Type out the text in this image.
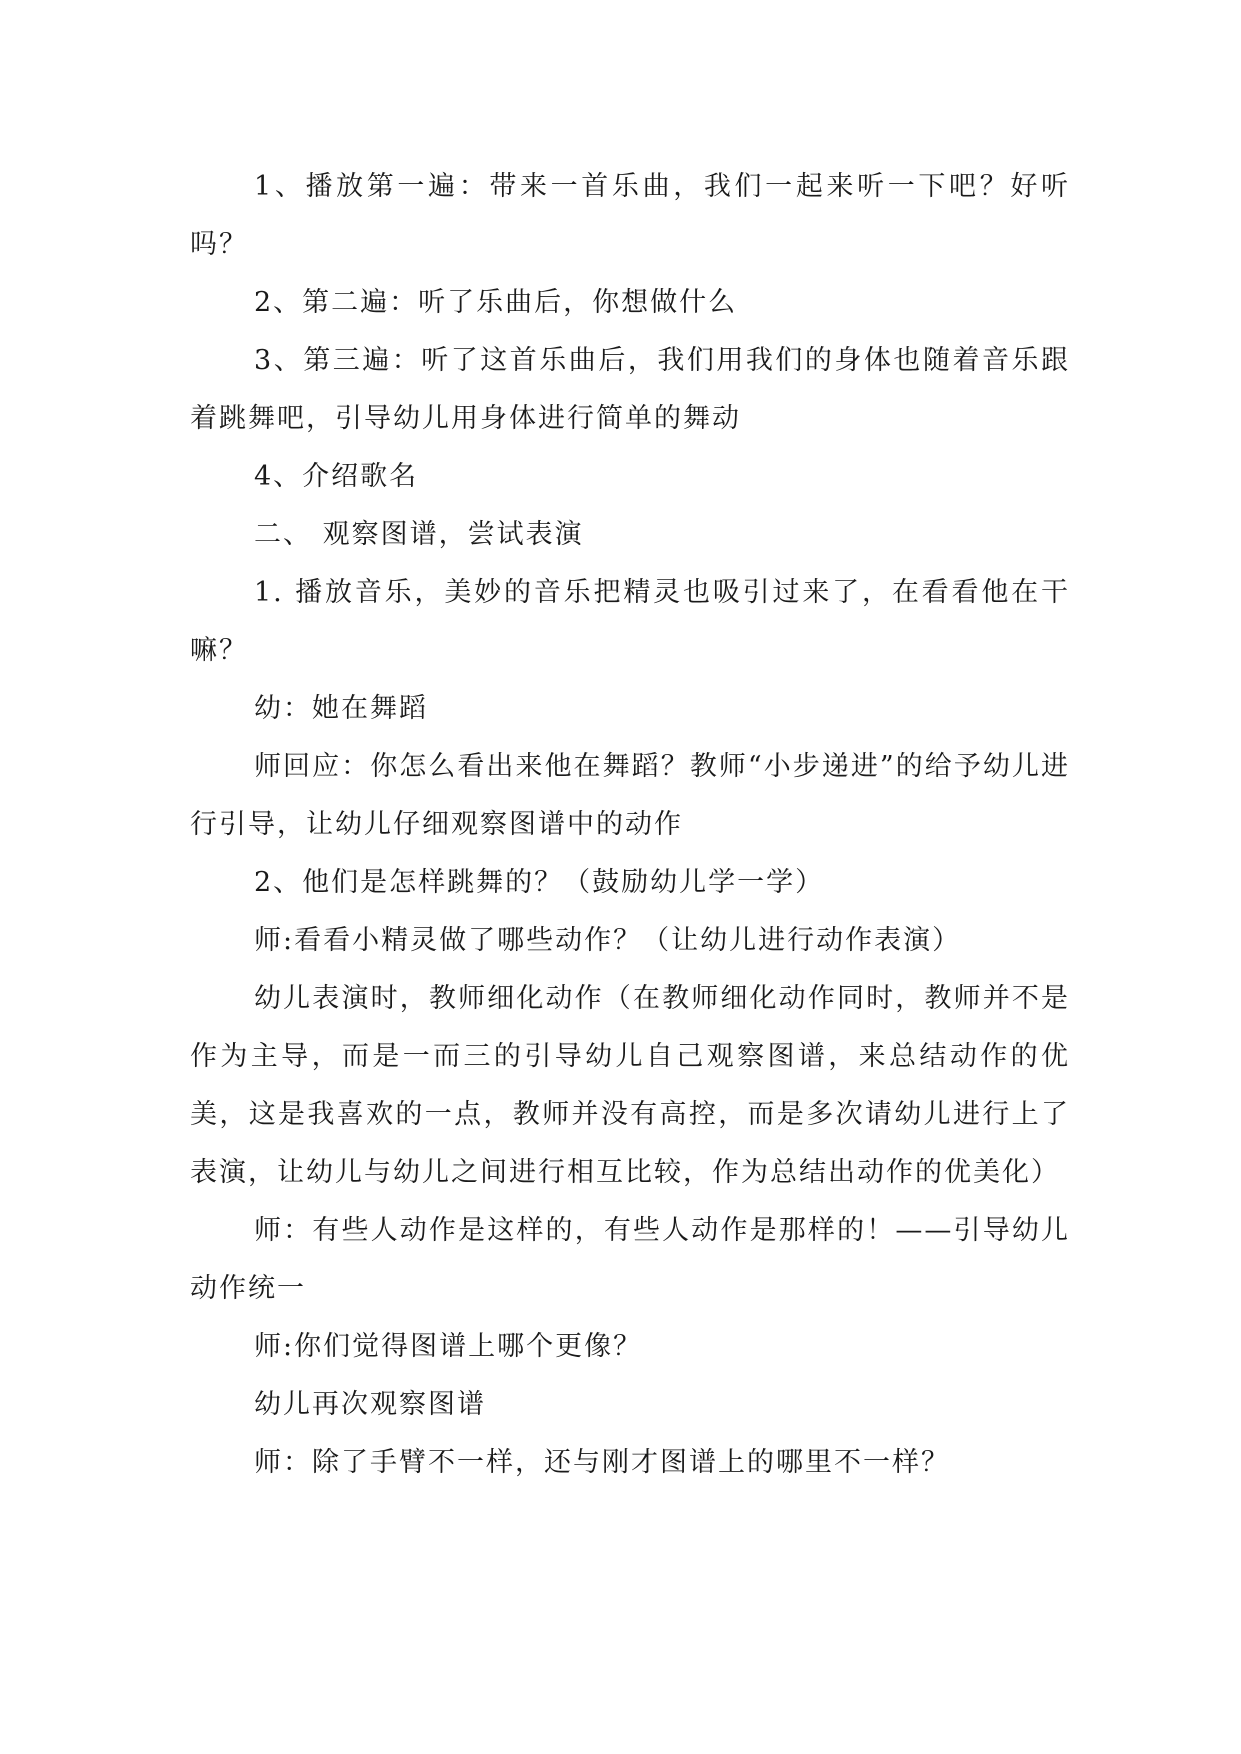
1、播放第一遍：带来一首乐曲，我们一起来听一下吧？好听吗？

2、第二遍：听了乐曲后，你想做什么

3、第三遍：听了这首乐曲后，我们用我们的身体也随着音乐跟着跳舞吧，引导幼儿用身体进行简单的舞动

4、介绍歌名

二、 观察图谱，尝试表演

1. 播放音乐，美妙的音乐把精灵也吸引过来了，在看看他在干嘛？

幼：她在舞蹈

师回应：你怎么看出来他在舞蹈？教师“小步递进”的给予幼儿进行引导，让幼儿仔细观察图谱中的动作

2、他们是怎样跳舞的？（鼓励幼儿学一学）

师:看看小精灵做了哪些动作？（让幼儿进行动作表演）

幼儿表演时，教师细化动作（在教师细化动作同时，教师并不是作为主导，而是一而三的引导幼儿自己观察图谱，来总结动作的优美，这是我喜欢的一点，教师并没有高控，而是多次请幼儿进行上了表演，让幼儿与幼儿之间进行相互比较，作为总结出动作的优美化）

师：有些人动作是这样的，有些人动作是那样的！——引导幼儿动作统一

师:你们觉得图谱上哪个更像？

幼儿再次观察图谱

师：除了手臂不一样，还与刚才图谱上的哪里不一样？
